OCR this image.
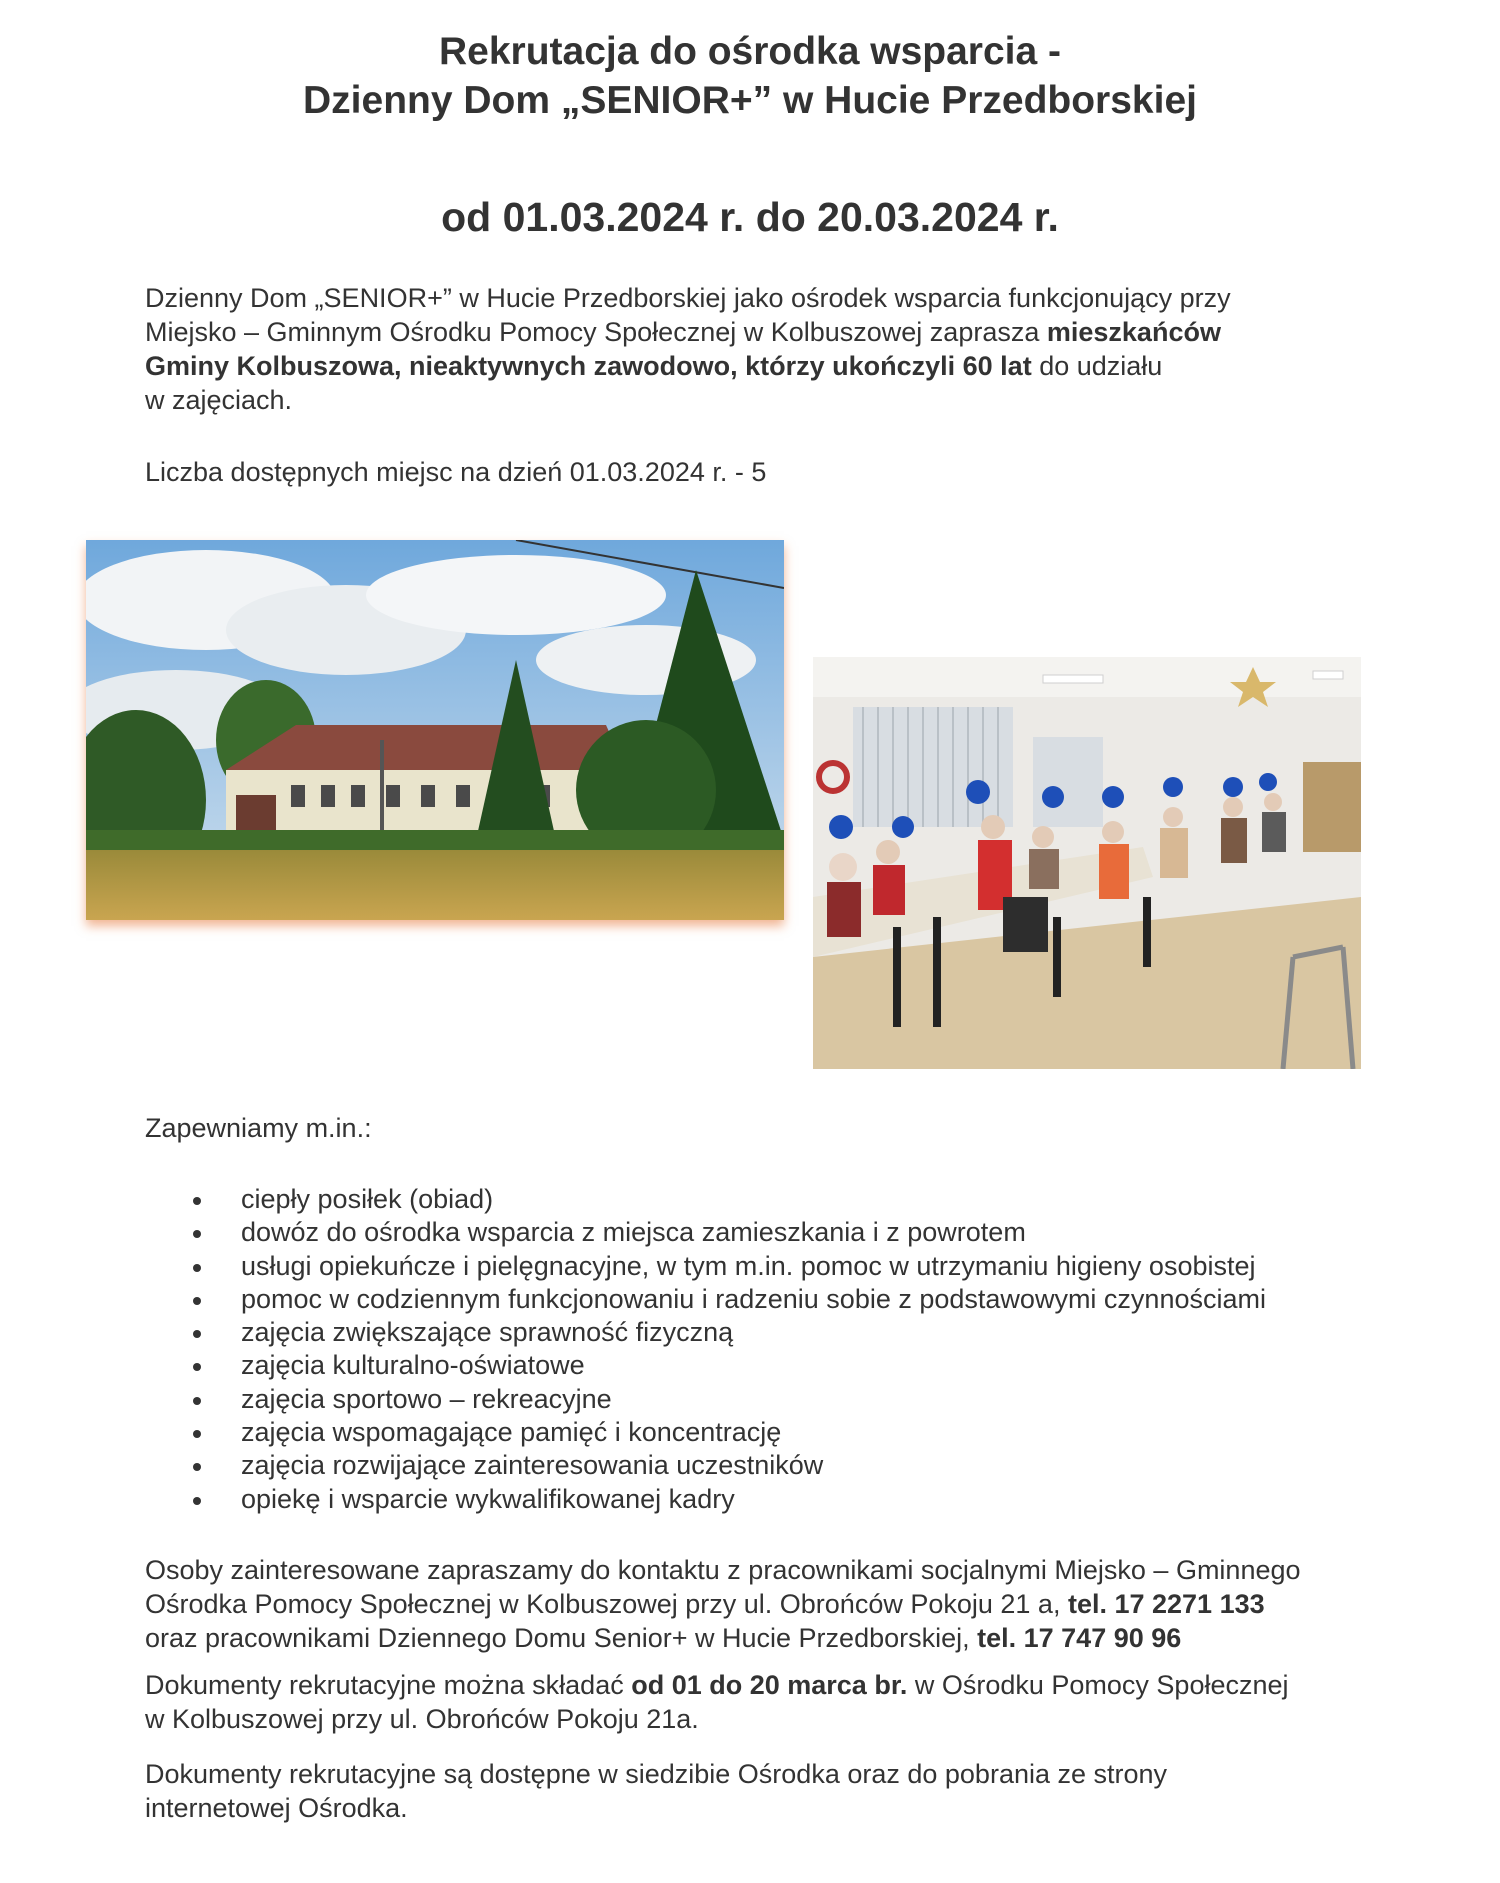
Rekrutacja do ośrodka wsparcia -
Dzienny Dom „SENIOR+” w Hucie Przedborskiej
od 01.03.2024 r. do 20.03.2024 r.

Dzienny Dom „SENIOR+” w Hucie Przedborskiej jako ośrodek wsparcia funkcjonujący przy
Miejsko – Gminnym Ośrodku Pomocy Społecznej w Kolbuszowej zaprasza mieszkańców
Gminy Kolbuszowa, nieaktywnych zawodowo, którzy ukończyli 60 lat do udziału
w zajęciach.

Liczba dostępnych miejsc na dzień 01.03.2024 r. - 5

Zapewniamy m.in.:

ciepły posiłek (obiad)
dowóz do ośrodka wsparcia z miejsca zamieszkania i z powrotem
usługi opiekuńcze i pielęgnacyjne, w tym m.in. pomoc w utrzymaniu higieny osobistej
pomoc w codziennym funkcjonowaniu i radzeniu sobie z podstawowymi czynnościami
zajęcia zwiększające sprawność fizyczną
zajęcia kulturalno-oświatowe
zajęcia sportowo – rekreacyjne
zajęcia wspomagające pamięć i koncentrację
zajęcia rozwijające zainteresowania uczestników
opiekę i wsparcie wykwalifikowanej kadry

Osoby zainteresowane zapraszamy do kontaktu z pracownikami socjalnymi Miejsko – Gminnego
Ośrodka Pomocy Społecznej w Kolbuszowej przy ul. Obrońców Pokoju 21 a, tel. 17 2271 133
oraz pracownikami Dziennego Domu Senior+ w Hucie Przedborskiej, tel. 17 747 90 96

Dokumenty rekrutacyjne można składać od 01 do 20 marca br. w Ośrodku Pomocy Społecznej
w Kolbuszowej przy ul. Obrońców Pokoju 21a.

Dokumenty rekrutacyjne są dostępne w siedzibie Ośrodka oraz do pobrania ze strony
internetowej Ośrodka.
